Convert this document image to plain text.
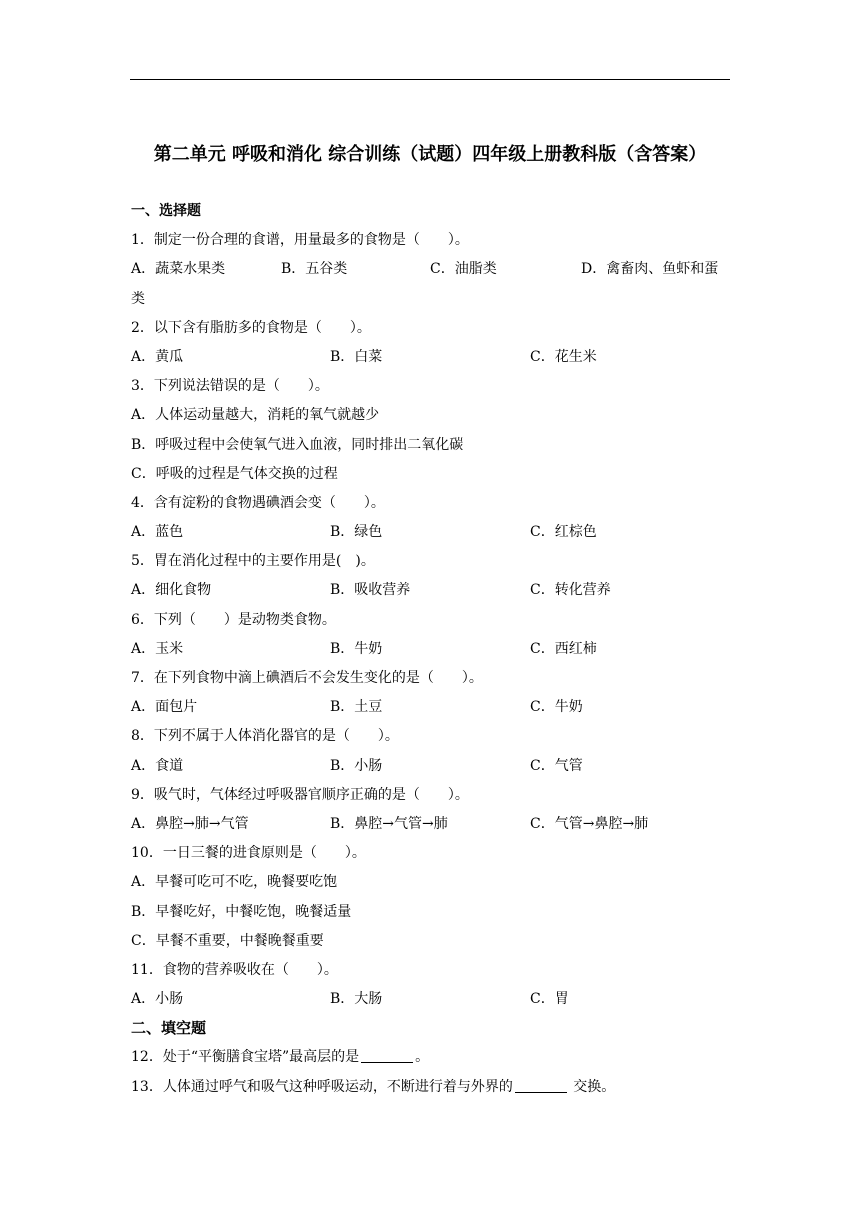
第二单元 呼吸和消化 综合训练（试题）四年级上册教科版（含答案）
一、选择题
1．制定一份合理的食谱，用量最多的食物是（　　）。
A．蔬菜水果类	B．五谷类	C．油脂类	D．禽畜肉、鱼虾和蛋
类
2．以下含有脂肪多的食物是（　　）。
A．黄瓜	B．白菜	C．花生米
3．下列说法错误的是（　　）。
A．人体运动量越大，消耗的氧气就越少
B．呼吸过程中会使氧气进入血液，同时排出二氧化碳
C．呼吸的过程是气体交换的过程
4．含有淀粉的食物遇碘酒会变（　　）。
A．蓝色	B．绿色	C．红棕色
5．胃在消化过程中的主要作用是(　)。
A．细化食物	B．吸收营养	C．转化营养
6．下列（　　）是动物类食物。
A．玉米	B．牛奶	C．西红柿
7．在下列食物中滴上碘酒后不会发生变化的是（　　）。
A．面包片	B．土豆	C．牛奶
8．下列不属于人体消化器官的是（　　）。
A．食道	B．小肠	C．气管
9．吸气时，气体经过呼吸器官顺序正确的是（　　）。
A．鼻腔→肺→气管	B．鼻腔→气管→肺	C．气管→鼻腔→肺
10．一日三餐的进食原则是（　　）。
A．早餐可吃可不吃，晚餐要吃饱
B．早餐吃好，中餐吃饱，晚餐适量
C．早餐不重要，中餐晚餐重要
11．食物的营养吸收在（　　）。
A．小肠	B．大肠	C．胃
二、填空题
12．处于“平衡膳食宝塔”最高层的是	。
13．人体通过呼气和吸气这种呼吸运动，不断进行着与外界的	交换。
